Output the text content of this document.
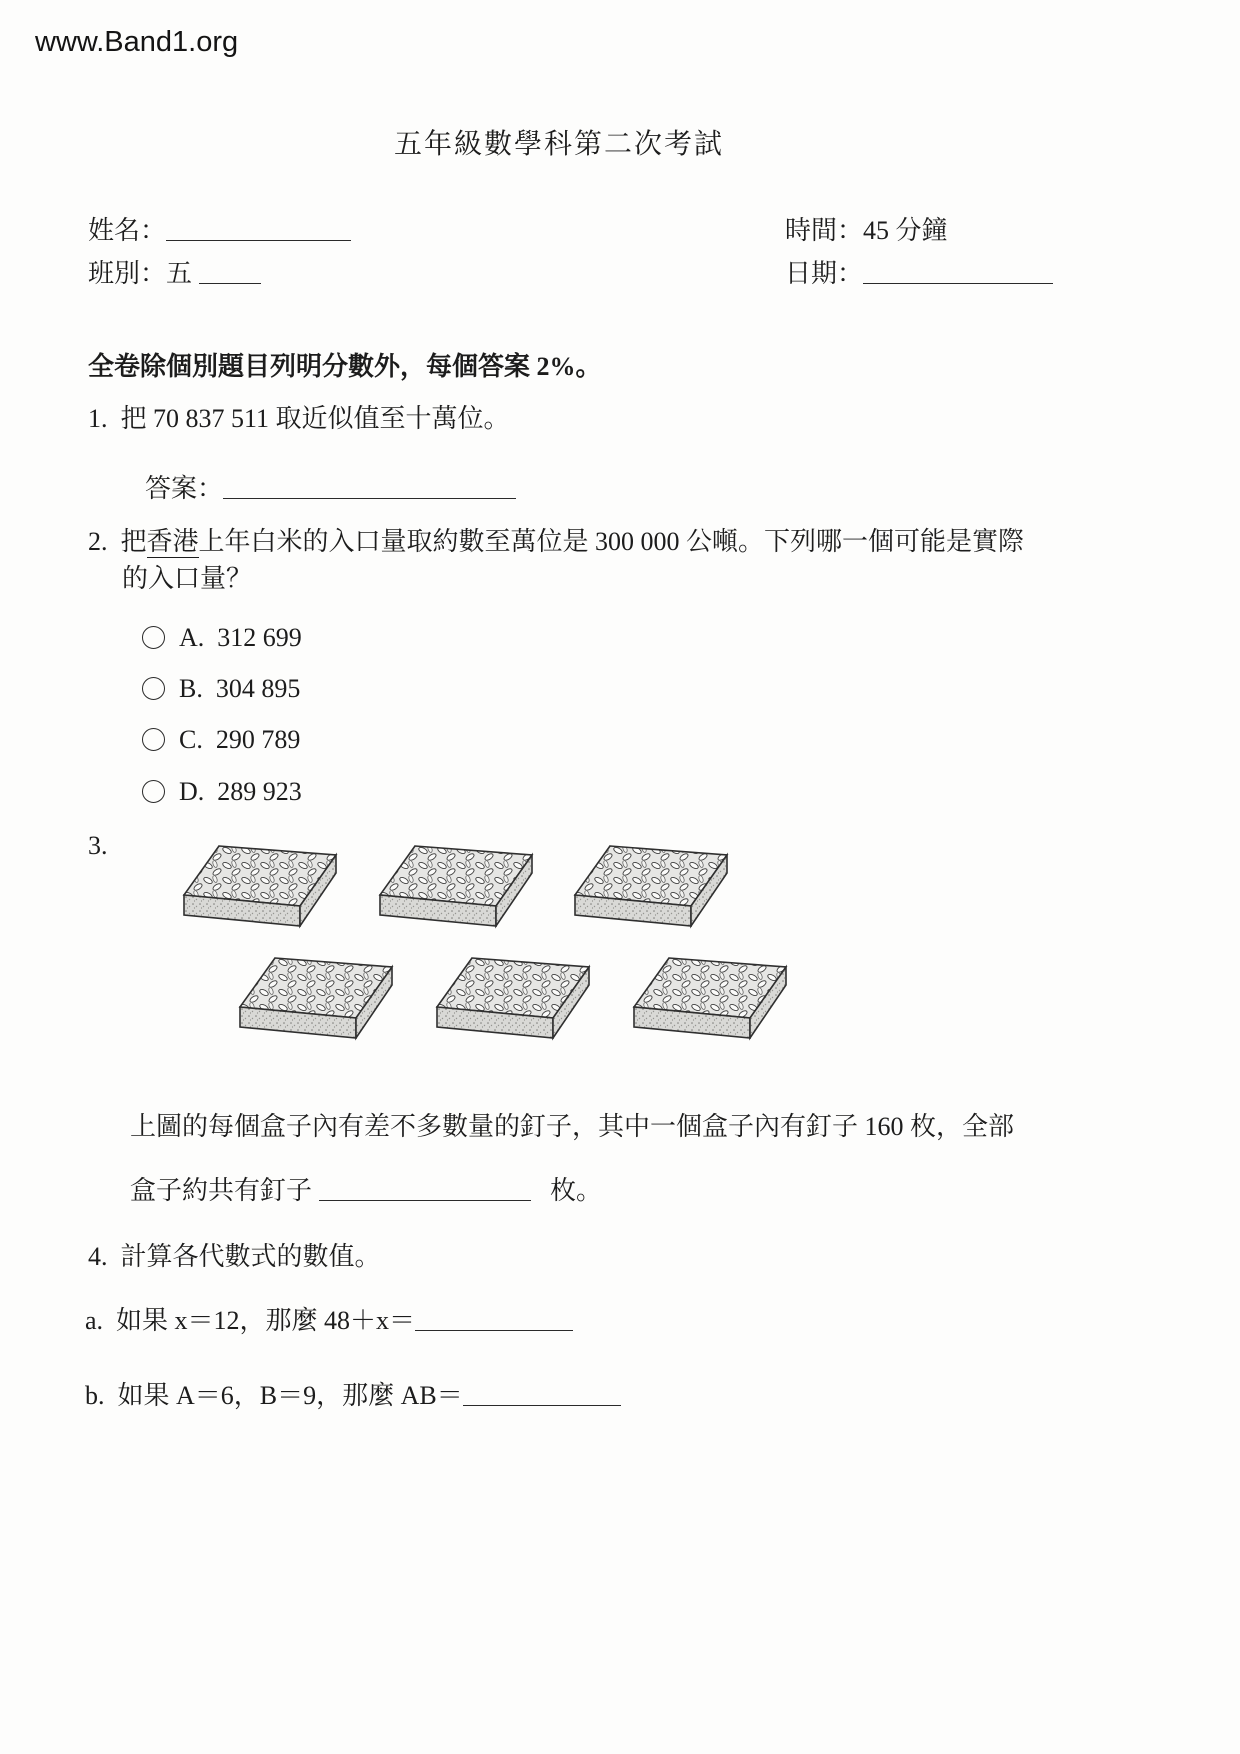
www.Band1.org
五年級數學科第二次考試
姓名：
班別：五
時間：45 分鐘
日期：
全卷除個別題目列明分數外，每個答案 2%。
1. 把 70 837 511 取近似值至十萬位。
答案：
2. 把香港上年白米的入口量取約數至萬位是 300 000 公噸。下列哪一個可能是實際
的入口量？
A. 312 699
B. 304 895
C. 290 789
D. 289 923
3.
上圖的每個盒子內有差不多數量的釘子，其中一個盒子內有釘子 160 枚，全部
盒子約共有釘子	枚。
4. 計算各代數式的數值。
a. 如果 x＝12，那麼 48＋x＝
b. 如果 A＝6，B＝9，那麼 AB＝
